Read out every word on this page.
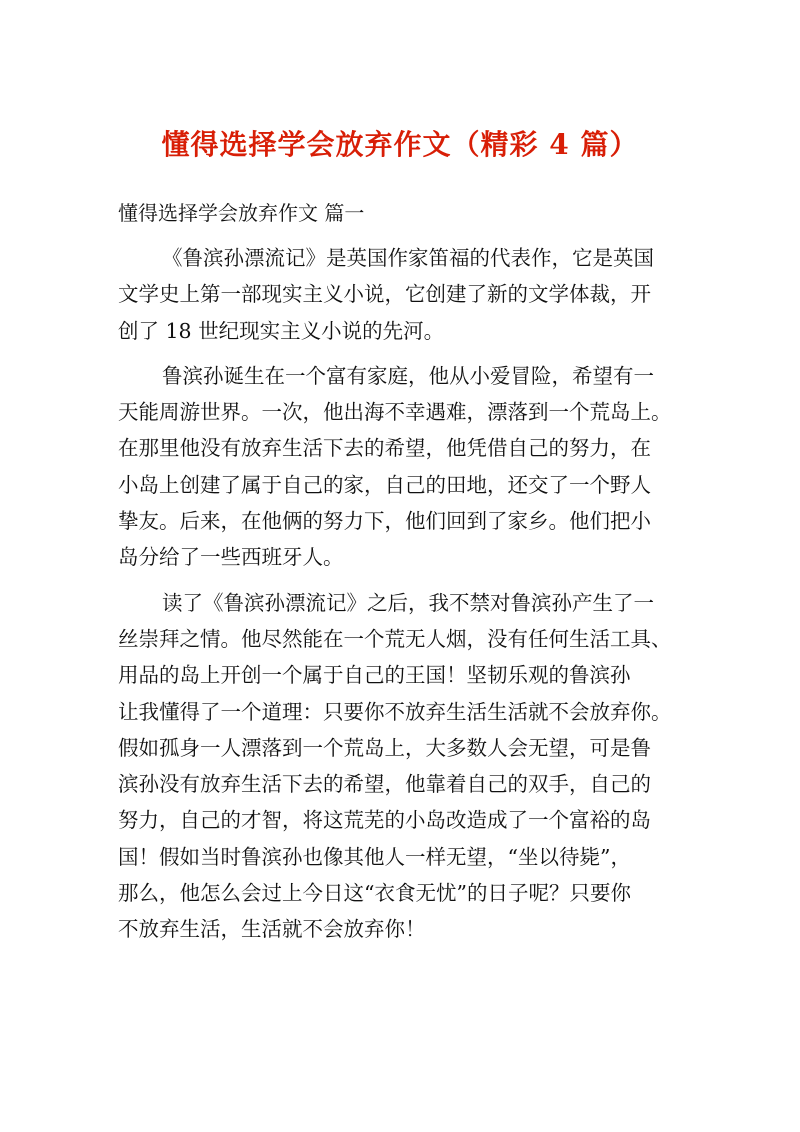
懂得选择学会放弃作文（精彩 4 篇）
懂得选择学会放弃作文 篇一
《鲁滨孙漂流记》是英国作家笛福的代表作，它是英国
文学史上第一部现实主义小说，它创建了新的文学体裁，开
创了 18 世纪现实主义小说的先河。
鲁滨孙诞生在一个富有家庭，他从小爱冒险，希望有一
天能周游世界。一次，他出海不幸遇难，漂落到一个荒岛上。
在那里他没有放弃生活下去的希望，他凭借自己的努力，在
小岛上创建了属于自己的家，自己的田地，还交了一个野人
挚友。后来，在他俩的努力下，他们回到了家乡。他们把小
岛分给了一些西班牙人。
读了《鲁滨孙漂流记》之后，我不禁对鲁滨孙产生了一
丝崇拜之情。他尽然能在一个荒无人烟，没有任何生活工具、
用品的岛上开创一个属于自己的王国！坚韧乐观的鲁滨孙
让我懂得了一个道理：只要你不放弃生活生活就不会放弃你。
假如孤身一人漂落到一个荒岛上，大多数人会无望，可是鲁
滨孙没有放弃生活下去的希望，他靠着自己的双手，自己的
努力，自己的才智，将这荒芜的小岛改造成了一个富裕的岛
国！假如当时鲁滨孙也像其他人一样无望，“坐以待毙”，
那么，他怎么会过上今日这“衣食无忧”的日子呢？只要你
不放弃生活，生活就不会放弃你！
